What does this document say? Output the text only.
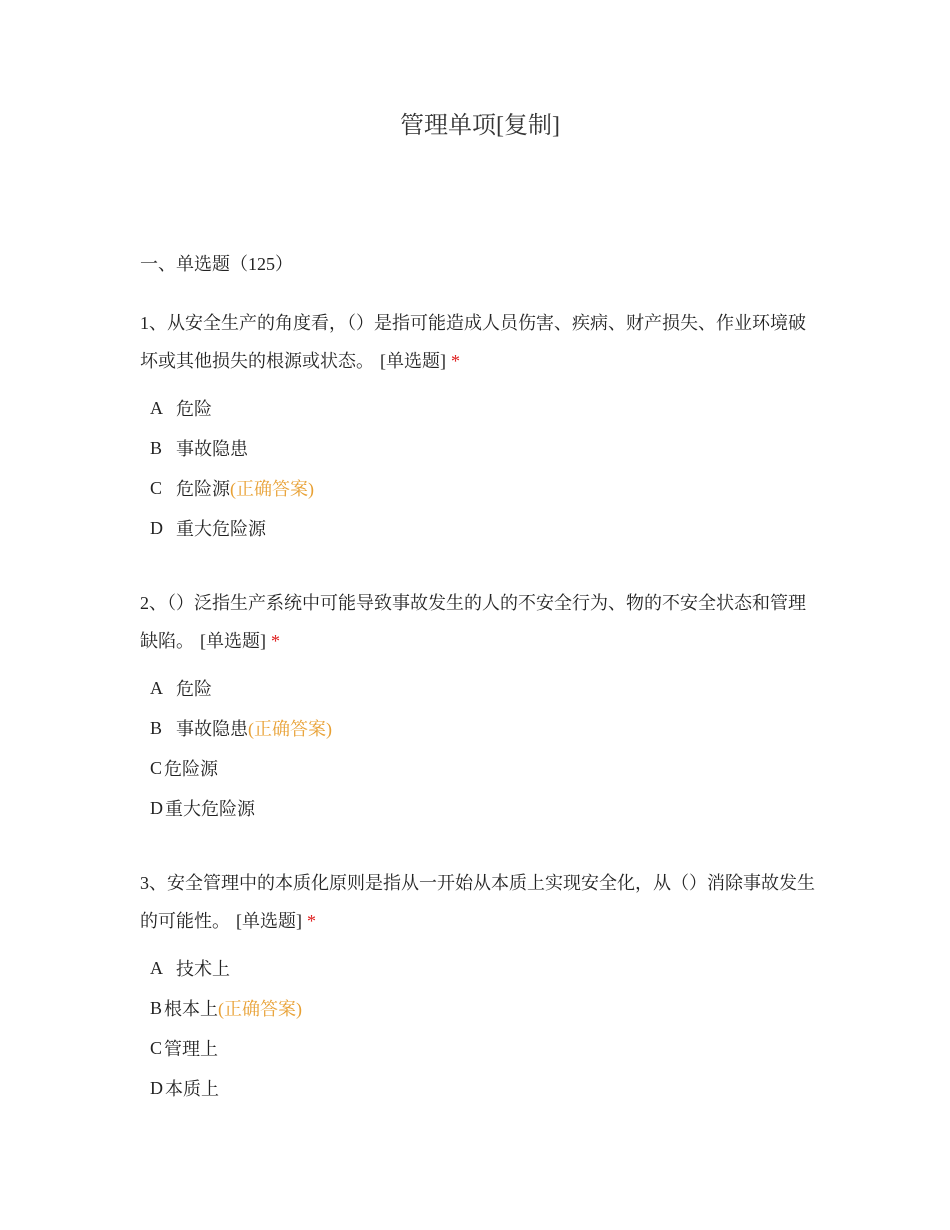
管理单项[复制]
一、单选题（125）

1、从安全生产的角度看，（）是指可能造成人员伤害、疾病、财产损失、作业环境破坏或其他损失的根源或状态。 [单选题] *

A 危险
B 事故隐患
C 危险源 (正确答案)
D 重大危险源

2、（）泛指生产系统中可能导致事故发生的人的不安全行为、物的不安全状态和管理缺陷。 [单选题] *

A 危险
B 事故隐患 (正确答案)
C 危险源
D 重大危险源

3、安全管理中的本质化原则是指从一开始从本质上实现安全化，从（）消除事故发生的可能性。 [单选题] *

A 技术上
B 根本上 (正确答案)
C 管理上
D 本质上
